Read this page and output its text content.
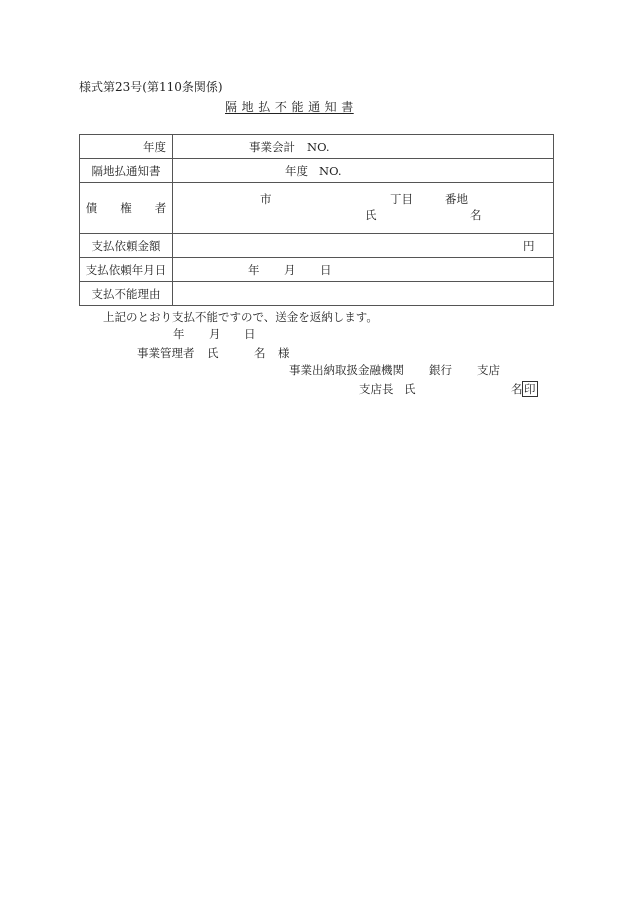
様式第23号(第110条関係)
隔 地 払 不 能 通 知 書
年度	事業会計 NO.

隔地払通知書	年度 NO.

債　　権　　者	市 丁目 番地
氏 名

支払依頼金額	円

支払依頼年月日	年 月 日

支払不能理由	
上記のとおり支払不能ですので、送金を返納します。
年 月 日
事業管理者 氏	名 様
事業出納取扱金融機関 銀行 支店
支店長 氏	名 印
